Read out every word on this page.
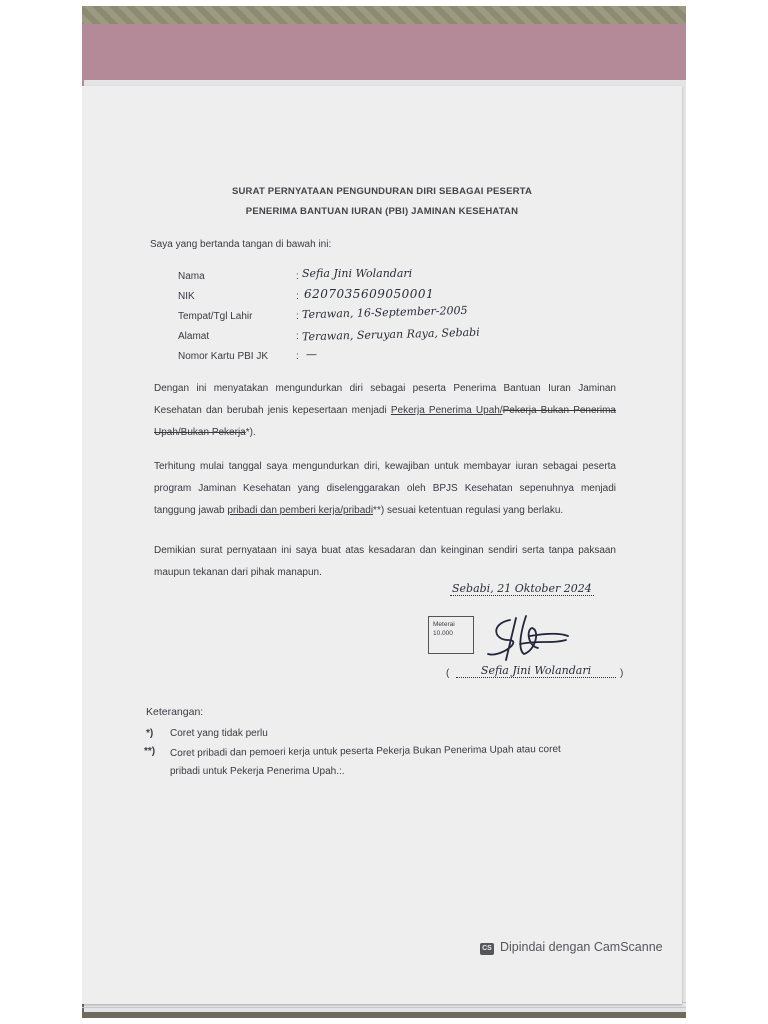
SURAT PERNYATAAN PENGUNDURAN DIRI SEBAGAI PESERTA
PENERIMA BANTUAN IURAN (PBI) JAMINAN KESEHATAN
Saya yang bertanda tangan di bawah ini:
Nama
NIK
Tempat/Tgl Lahir
Alamat
Nomor Kartu PBI JK
:
:
:
:
:
Sefia Jini Wolandari
6207035609050001
Terawan, 16-September-2005
Terawan, Seruyan Raya, Sebabi
—
Dengan ini menyatakan mengundurkan diri sebagai peserta Penerima Bantuan Iuran Jaminan Kesehatan dan berubah jenis kepesertaan menjadi Pekerja Penerima Upah/Pekerja Bukan Penerima Upah/Bukan Pekerja*).
Terhitung mulai tanggal saya mengundurkan diri, kewajiban untuk membayar iuran sebagai peserta program Jaminan Kesehatan yang diselenggarakan oleh BPJS Kesehatan sepenuhnya menjadi tanggung jawab pribadi dan pemberi kerja/pribadi**) sesuai ketentuan regulasi yang berlaku.
Demikian surat pernyataan ini saya buat atas kesadaran dan keinginan sendiri serta tanpa paksaan maupun tekanan dari pihak manapun.
Sebabi, 21 Oktober 2024
Meterai 10.000
(	Sefia Jini Wolandari	)
Keterangan:
*) Coret yang tidak perlu
**) Coret pribadi dan pemoeri kerja untuk peserta Pekerja Bukan Penerima Upah atau coret
pribadi untuk Pekerja Penerima Upah.:.
CS Dipindai dengan CamScanne
